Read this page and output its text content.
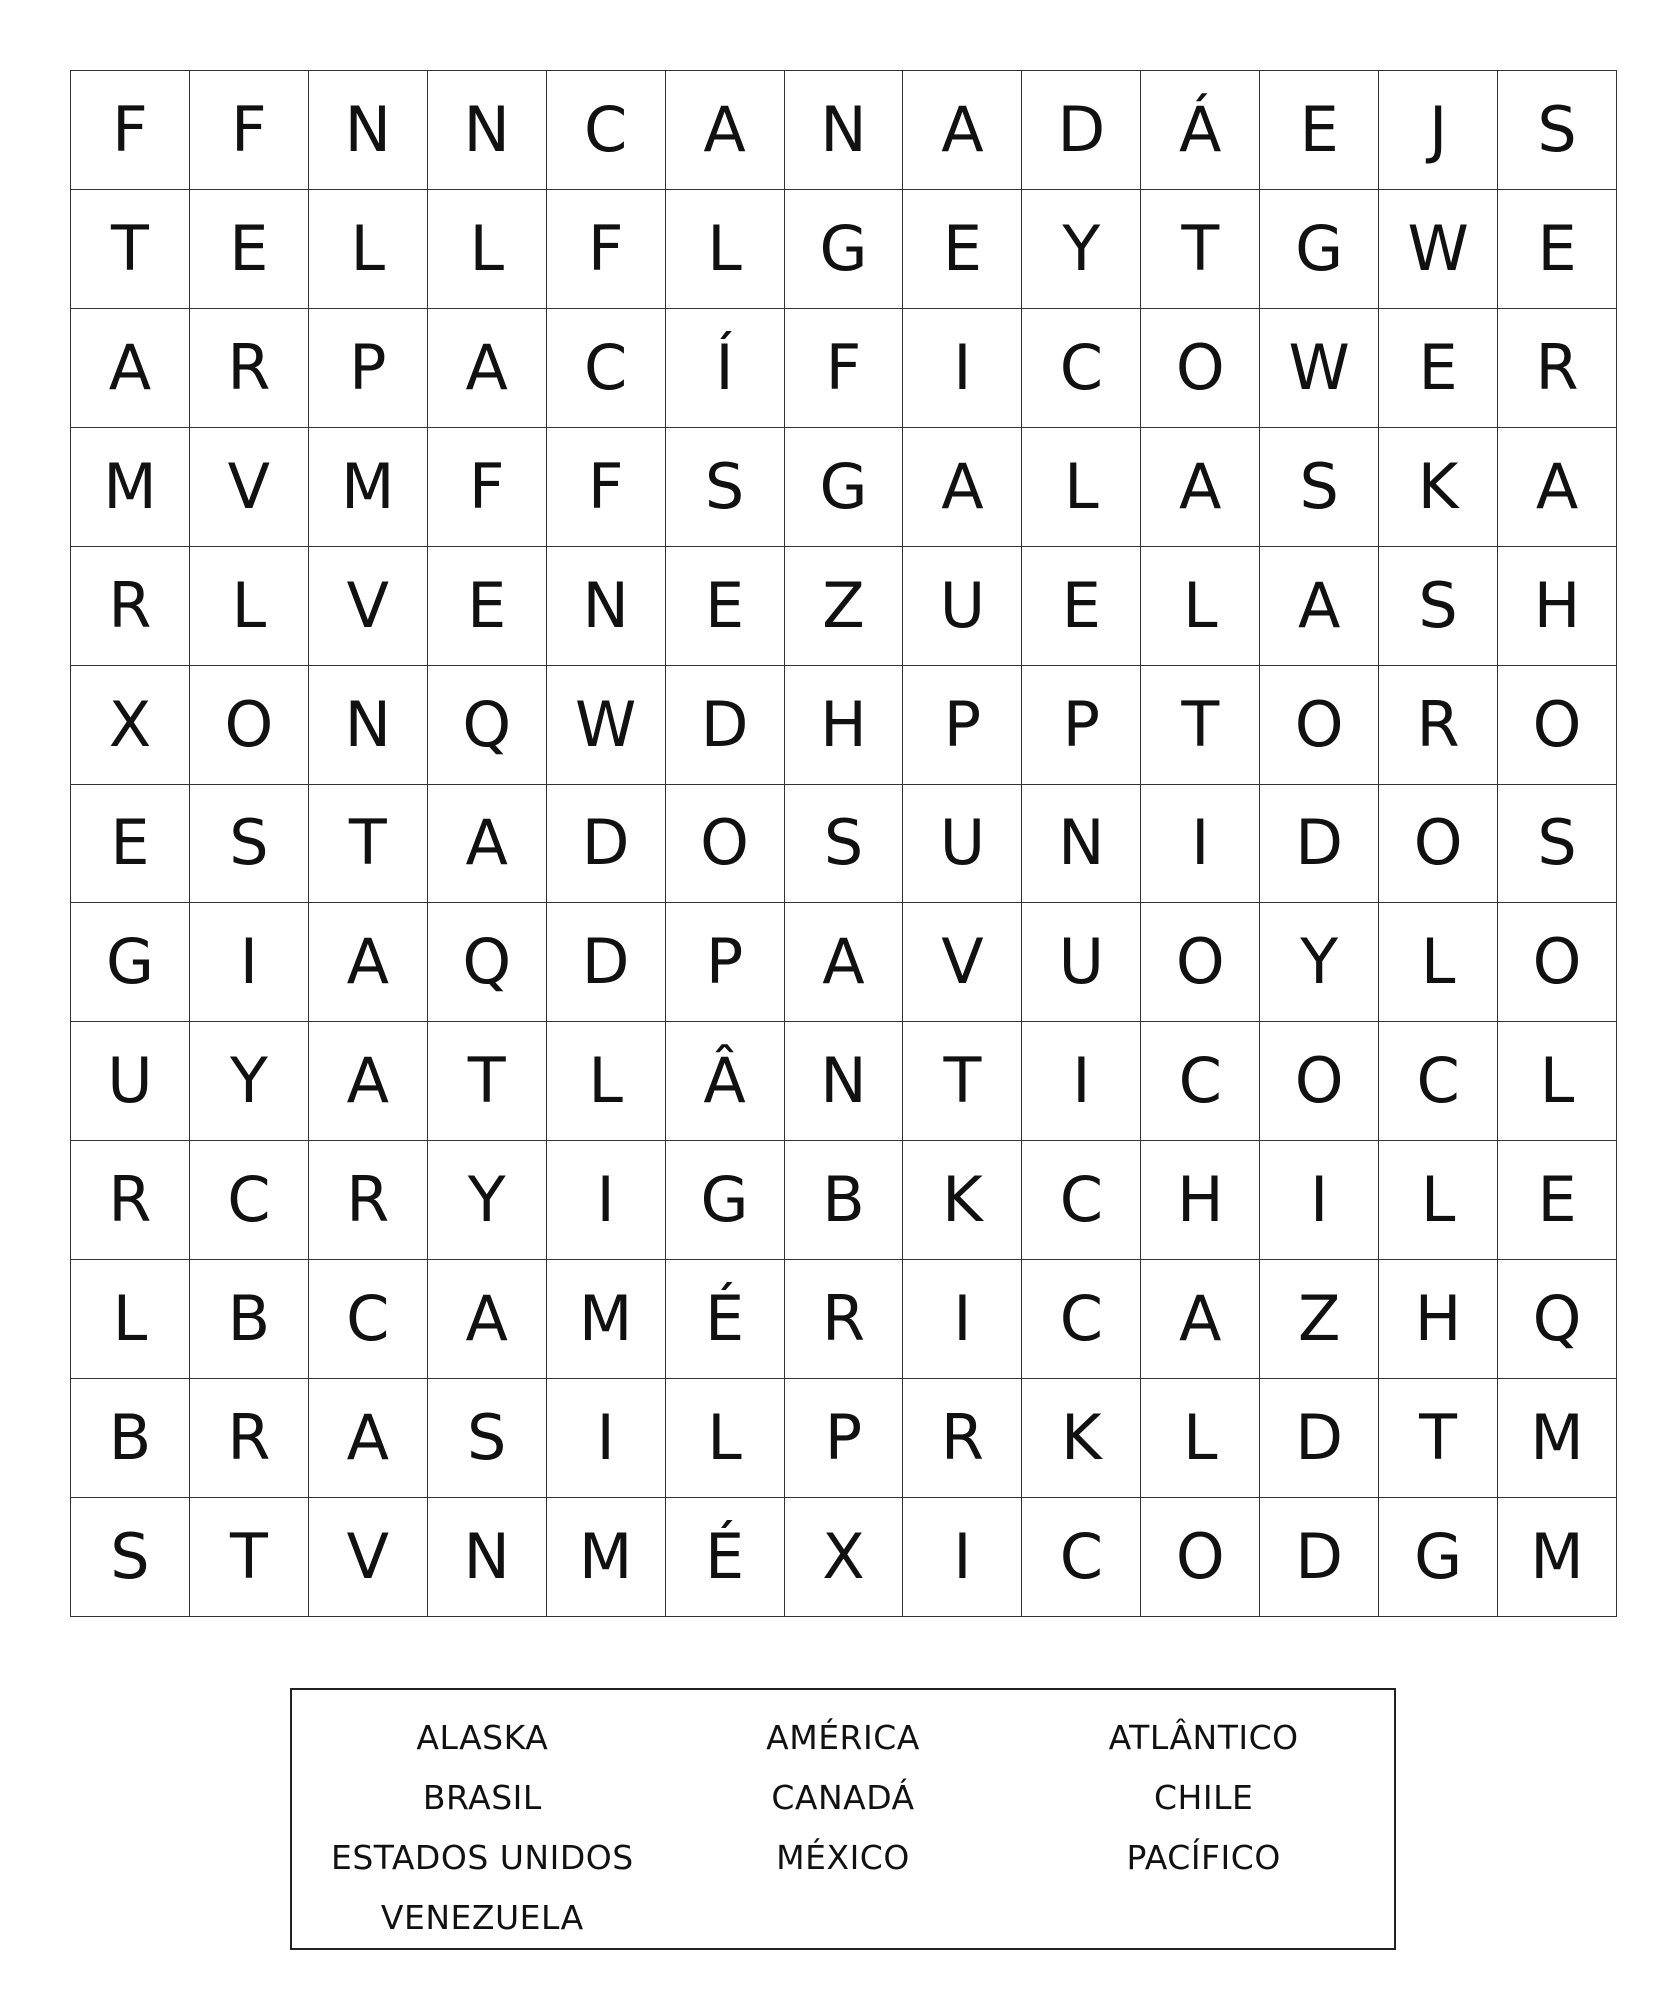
F	F	N	N	C	A	N	A	D	Á	E	J	S
T	E	L	L	F	L	G	E	Y	T	G	W	E
A	R	P	A	C	Í	F	I	C	O	W	E	R
M	V	M	F	F	S	G	A	L	A	S	K	A
R	L	V	E	N	E	Z	U	E	L	A	S	H
X	O	N	Q	W	D	H	P	P	T	O	R	O
E	S	T	A	D	O	S	U	N	I	D	O	S
G	I	A	Q	D	P	A	V	U	O	Y	L	O
U	Y	A	T	L	Â	N	T	I	C	O	C	L
R	C	R	Y	I	G	B	K	C	H	I	L	E
L	B	C	A	M	É	R	I	C	A	Z	H	Q
B	R	A	S	I	L	P	R	K	L	D	T	M
S	T	V	N	M	É	X	I	C	O	D	G	M
ALASKA	AMÉRICA	ATLÂNTICO
BRASIL	CANADÁ	CHILE
ESTADOS UNIDOS	MÉXICO	PACÍFICO
VENEZUELA
